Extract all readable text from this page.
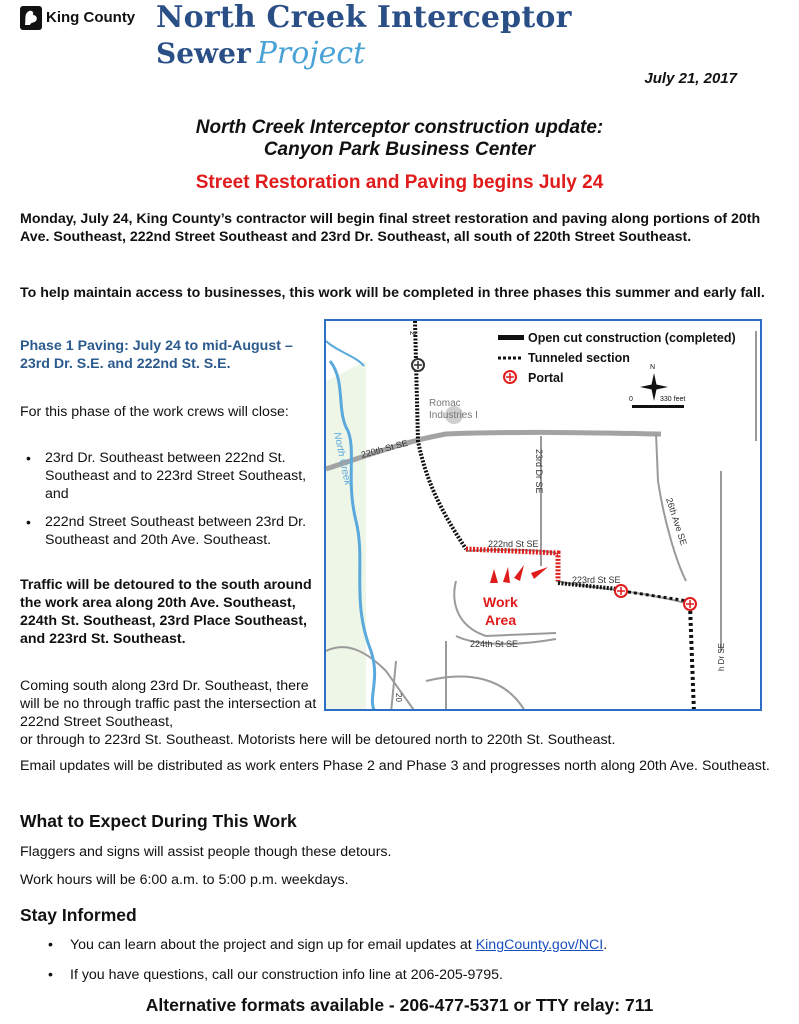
King County North Creek Interceptor
Sewer Project
July 21, 2017
North Creek Interceptor construction update:
Canyon Park Business Center
Street Restoration and Paving begins July 24
Monday, July 24, King County’s contractor will begin final street restoration and paving along portions of 20th Ave. Southeast, 222nd Street Southeast and 23rd Dr. Southeast, all south of 220th Street Southeast.
To help maintain access to businesses, this work will be completed in three phases this summer and early fall.
Phase 1 Paving: July 24 to mid-August – 23rd Dr. S.E. and 222nd St. S.E.
For this phase of the work crews will close:
• 23rd Dr. Southeast between 222nd St. Southeast and to 223rd Street Southeast, and
• 222nd Street Southeast between 23rd Dr. Southeast and 20th Ave. Southeast.
Traffic will be detoured to the south around the work area along 20th Ave. Southeast, 224th St. Southeast, 23rd Place Southeast, and 223rd St. Southeast.
Coming south along 23rd Dr. Southeast, there will be no through traffic past the intersection at 222nd Street Southeast,
or through to 223rd St. Southeast. Motorists here will be detoured north to 220th St. Southeast.
Email updates will be distributed as work enters Phase 2 and Phase 3 and progresses north along 20th Ave. Southeast.
What to Expect During This Work
Flaggers and signs will assist people though these detours.
Work hours will be 6:00 a.m. to 5:00 p.m. weekdays.
Stay Informed
• You can learn about the project and sign up for email updates at KingCounty.gov/NCI.
• If you have questions, call our construction info line at 206-205-9795.
Alternative formats available - 206-477-5371 or TTY relay: 711
Open cut construction (completed)
Tunneled section
Portal
N
0	330 feet
Romac
Industries I
220th St SE
North Creek	23rd Dr SE
26th Ave SE
222nd St SE
223rd St SE
224th St SE
Work
Area
2
20
h Dr SE
